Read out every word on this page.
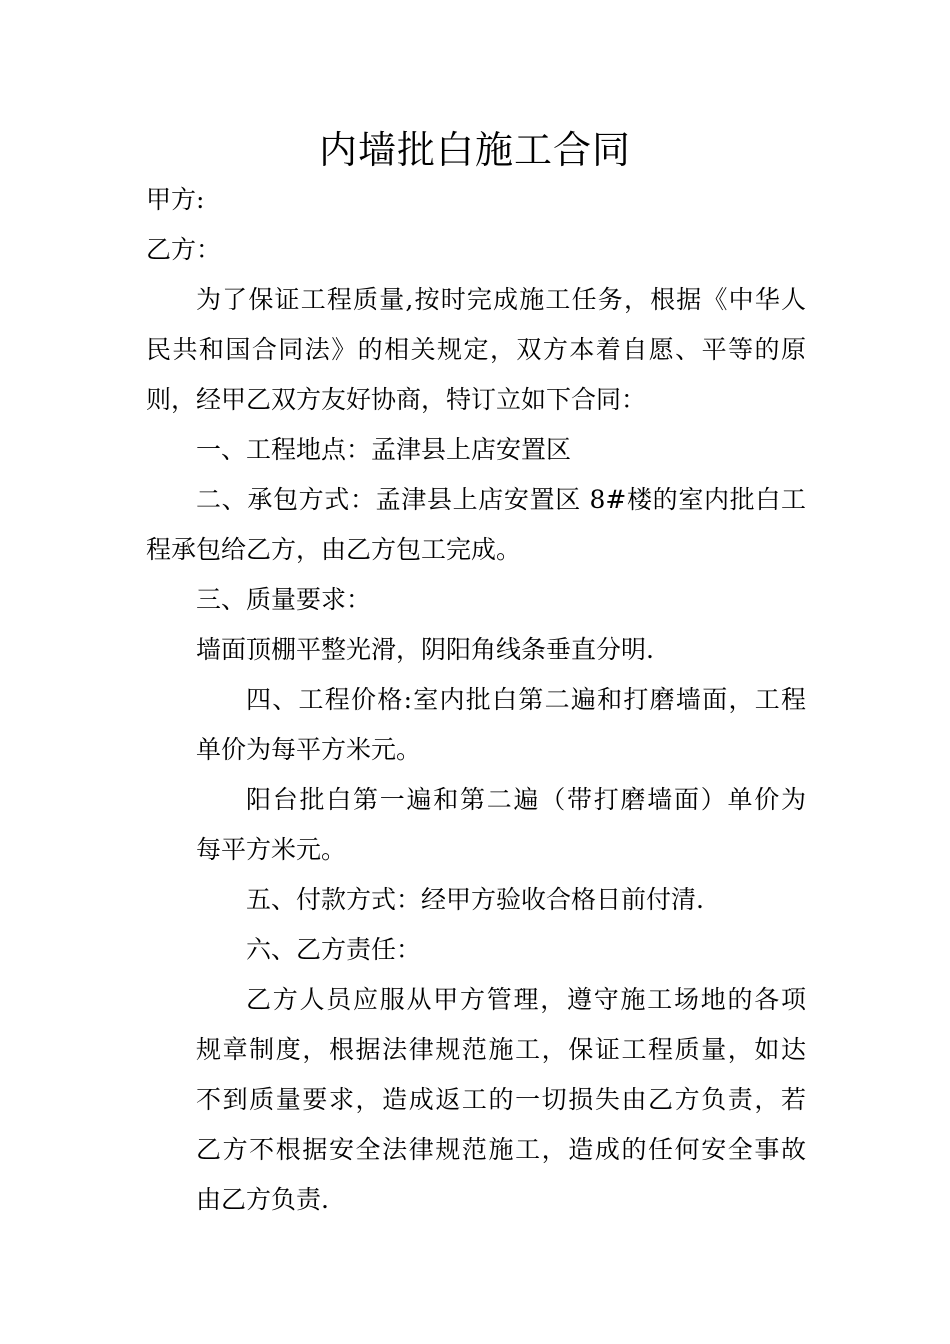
内墙批白施工合同
甲方:
乙方：
为了保证工程质量,按时完成施工任务，根据《中华人
民共和国合同法》的相关规定，双方本着自愿、平等的原
则，经甲乙双方友好协商，特订立如下合同：
一、工程地点：孟津县上店安置区
二、承包方式：孟津县上店安置区 8#楼的室内批白工
程承包给乙方，由乙方包工完成。
三、质量要求：
墙面顶棚平整光滑，阴阳角线条垂直分明.
四、工程价格:室内批白第二遍和打磨墙面，工程
单价为每平方米元。
阳台批白第一遍和第二遍（带打磨墙面）单价为
每平方米元。
五、付款方式：经甲方验收合格日前付清.
六、乙方责任：
乙方人员应服从甲方管理，遵守施工场地的各项
规章制度，根据法律规范施工，保证工程质量，如达
不到质量要求，造成返工的一切损失由乙方负责，若
乙方不根据安全法律规范施工，造成的任何安全事故
由乙方负责.
